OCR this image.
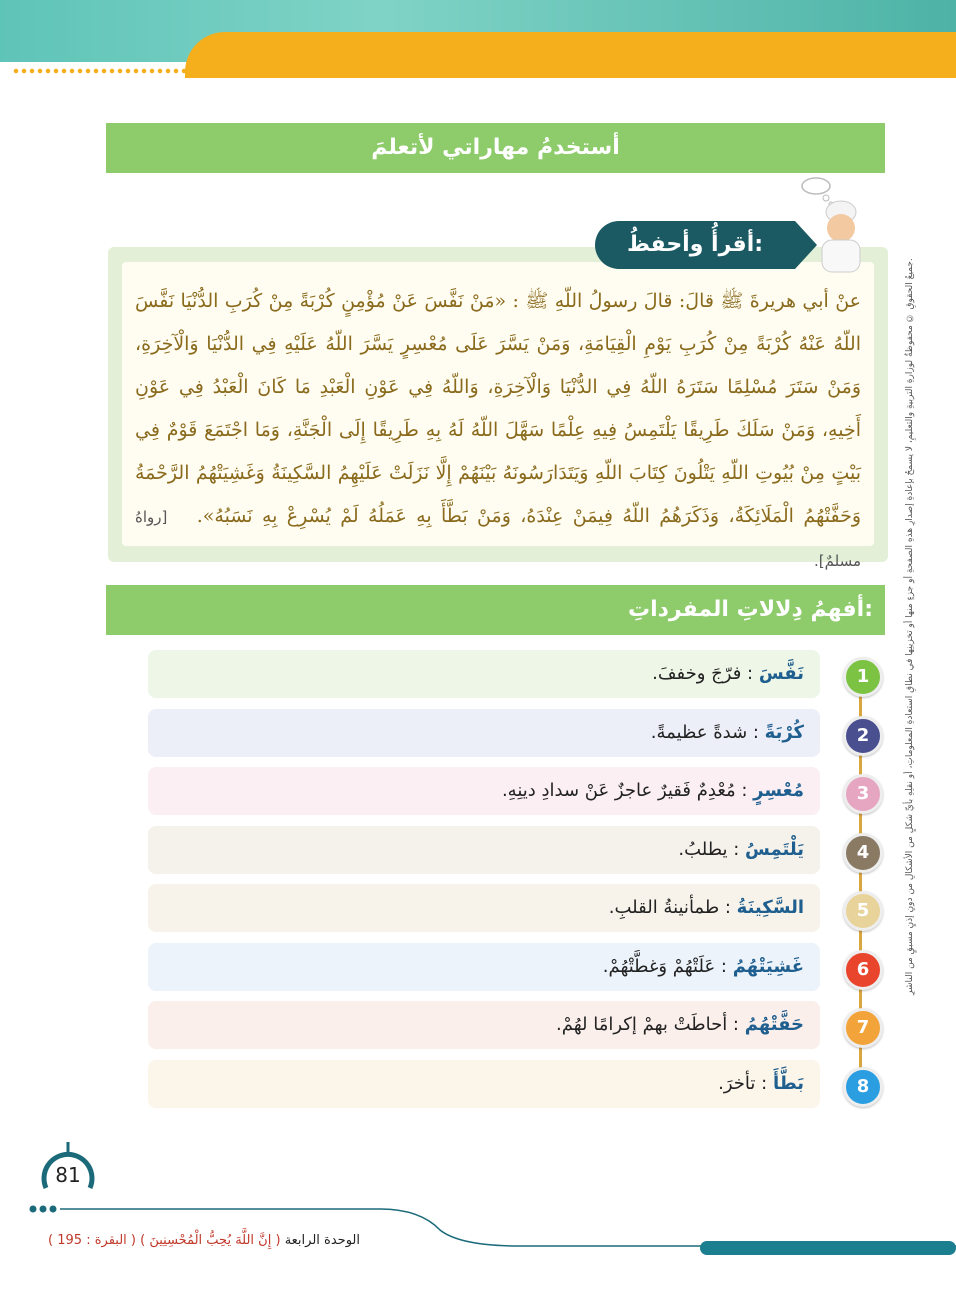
أستخدمُ مهاراتي لأتعلمَ
أقرأُ وأحفظُ:
عنْ أبي هريرةَ ﷺ قالَ: قالَ رسولُ اللّهِ ﷺ : «مَنْ نَفَّسَ عَنْ مُؤْمِنٍ كُرْبَةً مِنْ كُرَبِ الدُّنْيَا نَفَّسَ اللّهُ عَنْهُ كُرْبَةً مِنْ كُرَبِ يَوْمِ الْقِيَامَةِ، وَمَنْ يَسَّرَ عَلَى مُعْسِرٍ يَسَّرَ اللّهُ عَلَيْهِ فِي الدُّنْيَا وَالْآخِرَةِ، وَمَنْ سَتَرَ مُسْلِمًا سَتَرَهُ اللّهُ فِي الدُّنْيَا وَالْآخِرَةِ، وَاللّهُ فِي عَوْنِ الْعَبْدِ مَا كَانَ الْعَبْدُ فِي عَوْنِ أَخِيهِ، وَمَنْ سَلَكَ طَرِيقًا يَلْتَمِسُ فِيهِ عِلْمًا سَهَّلَ اللّهُ لَهُ بِهِ طَرِيقًا إِلَى الْجَنَّةِ، وَمَا اجْتَمَعَ قَوْمٌ فِي بَيْتٍ مِنْ بُيُوتِ اللّهِ يَتْلُونَ كِتَابَ اللّهِ وَيَتَدَارَسُونَهُ بَيْنَهُمْ إِلَّا نَزَلَتْ عَلَيْهِمُ السَّكِينَةُ وَغَشِيَتْهُمُ الرَّحْمَةُ وَحَفَّتْهُمُ الْمَلَائِكَةُ، وَذَكَرَهُمُ اللّهُ فِيمَنْ عِنْدَهُ، وَمَنْ بَطَّأَ بِهِ عَمَلُهُ لَمْ يُسْرِعْ بِهِ نَسَبُهُ». [رواهُ مسلمٌ].
أفهمُ دِلالاتِ المفرداتِ:
نَفَّسَ : فرّجَ وخففَ.	1
كُرْبَةً : شدةً عظيمةً.	2
مُعْسِرٍ : مُعْدِمٌ فَقيرٌ عاجزٌ عَنْ سدادِ دينِهِ.	3
يَلْتَمِسُ : يطلبُ.	4
السَّكِينَةُ : طمأنينةُ القلبِ.	5
غَشِيَتْهُمُ : عَلَتْهُمْ وَغطَّتْهُمْ.	6
حَفَّتْهُمُ : أحاطَتْ بهمْ إكرامًا لهُمْ.	7
بَطَّأَ : تأخرَ.	8
جميعُ الحقوقِ © محفوظةٌ لوزارةِ التربيةِ والتعليمِ، لا يسمحُ بإعادةِ إصدارِ هذهِ الصفحةِ أو جزءٍ منها أو تخزينِها في نطاقِ استعادةِ المعلوماتِ، أو نقلِهِ بأيِّ شكلٍ من الأشكالِ من دونِ إذنٍ مسبقٍ من الناشرِ.
81
الوحدة الرابعة ( إِنَّ اللَّهَ يُحِبُّ الْمُحْسِنِينَ ) ( البقرة : 195 )
